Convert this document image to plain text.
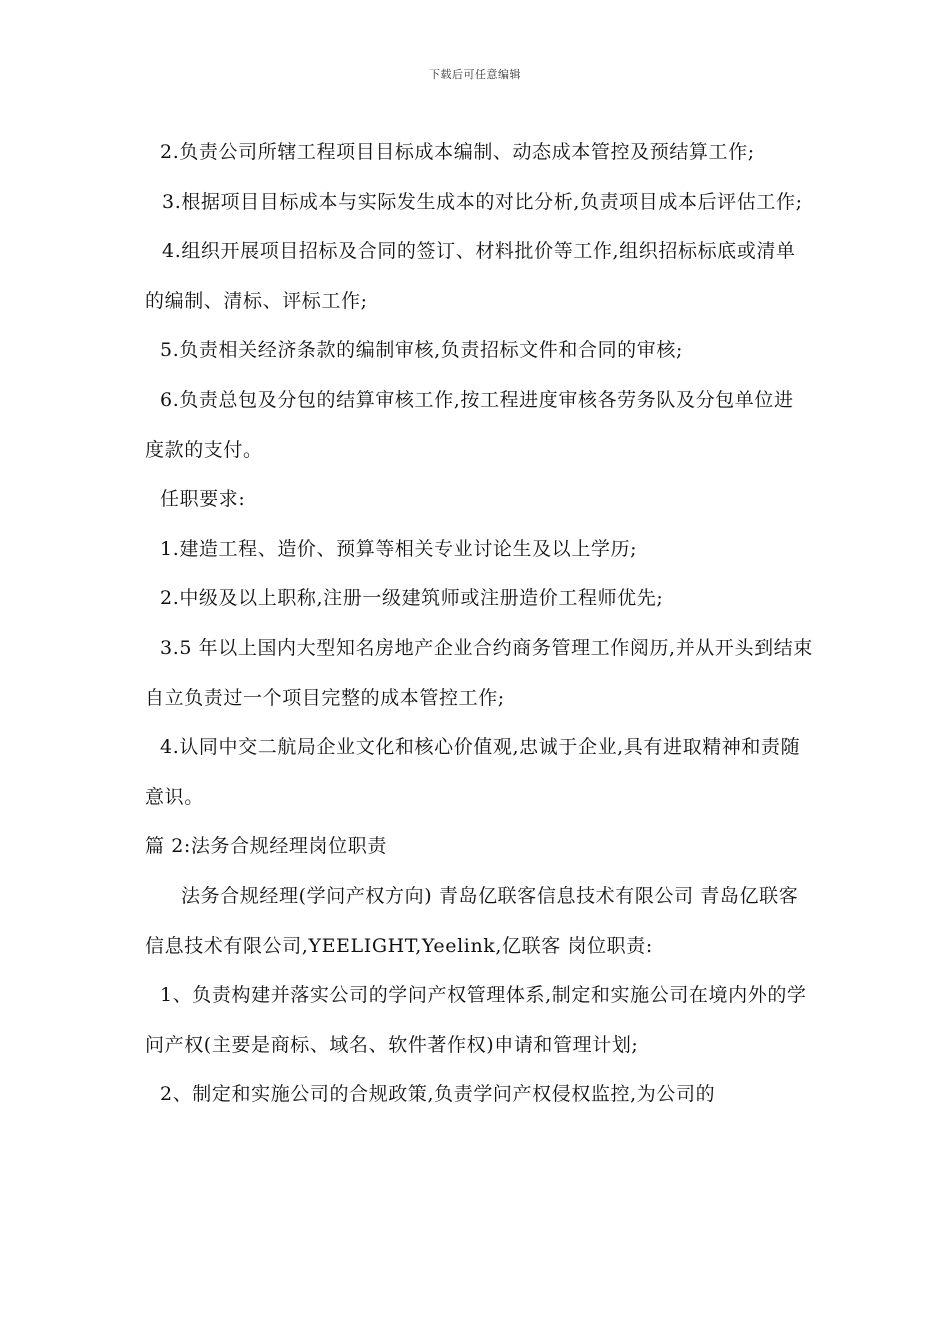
下载后可任意编辑

2.负责公司所辖工程项目目标成本编制、动态成本管控及预结算工作;

3.根据项目目标成本与实际发生成本的对比分析,负责项目成本后评估工作;

4.组织开展项目招标及合同的签订、材料批价等工作,组织招标标底或清单的编制、清标、评标工作;

5.负责相关经济条款的编制审核,负责招标文件和合同的审核;

6.负责总包及分包的结算审核工作,按工程进度审核各劳务队及分包单位进度款的支付。

任职要求:

1.建造工程、造价、预算等相关专业讨论生及以上学历;

2.中级及以上职称,注册一级建筑师或注册造价工程师优先;

3.5 年以上国内大型知名房地产企业合约商务管理工作阅历,并从开头到结束自立负责过一个项目完整的成本管控工作;

4.认同中交二航局企业文化和核心价值观,忠诚于企业,具有进取精神和责随意识。

篇 2:法务合规经理岗位职责

法务合规经理(学问产权方向) 青岛亿联客信息技术有限公司 青岛亿联客信息技术有限公司,YEELIGHT,Yeelink,亿联客 岗位职责:

1、负责构建并落实公司的学问产权管理体系,制定和实施公司在境内外的学问产权(主要是商标、域名、软件著作权)申请和管理计划;

2、制定和实施公司的合规政策,负责学问产权侵权监控,为公司的
